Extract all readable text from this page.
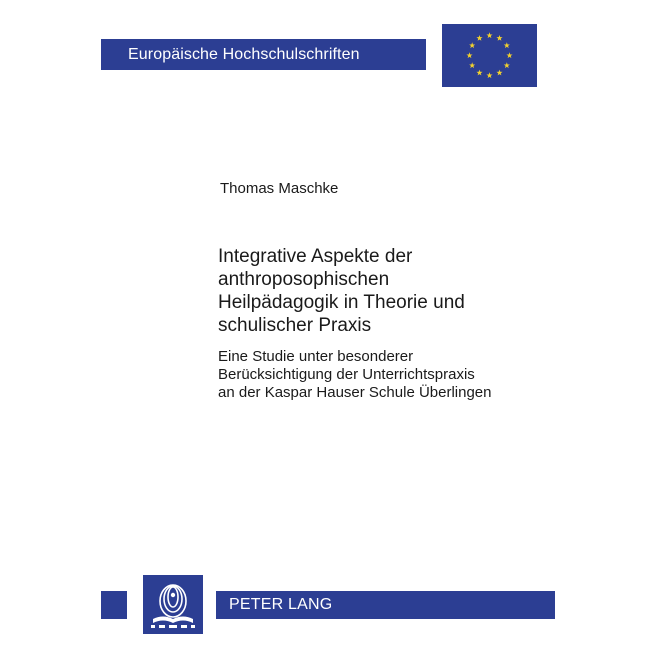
Europäische Hochschulschriften
Thomas Maschke
Integrative Aspekte der
anthroposophischen
Heilpädagogik in Theorie und
schulischer Praxis
Eine Studie unter besonderer
Berücksichtigung der Unterrichtspraxis
an der Kaspar Hauser Schule Überlingen
PETER LANG
